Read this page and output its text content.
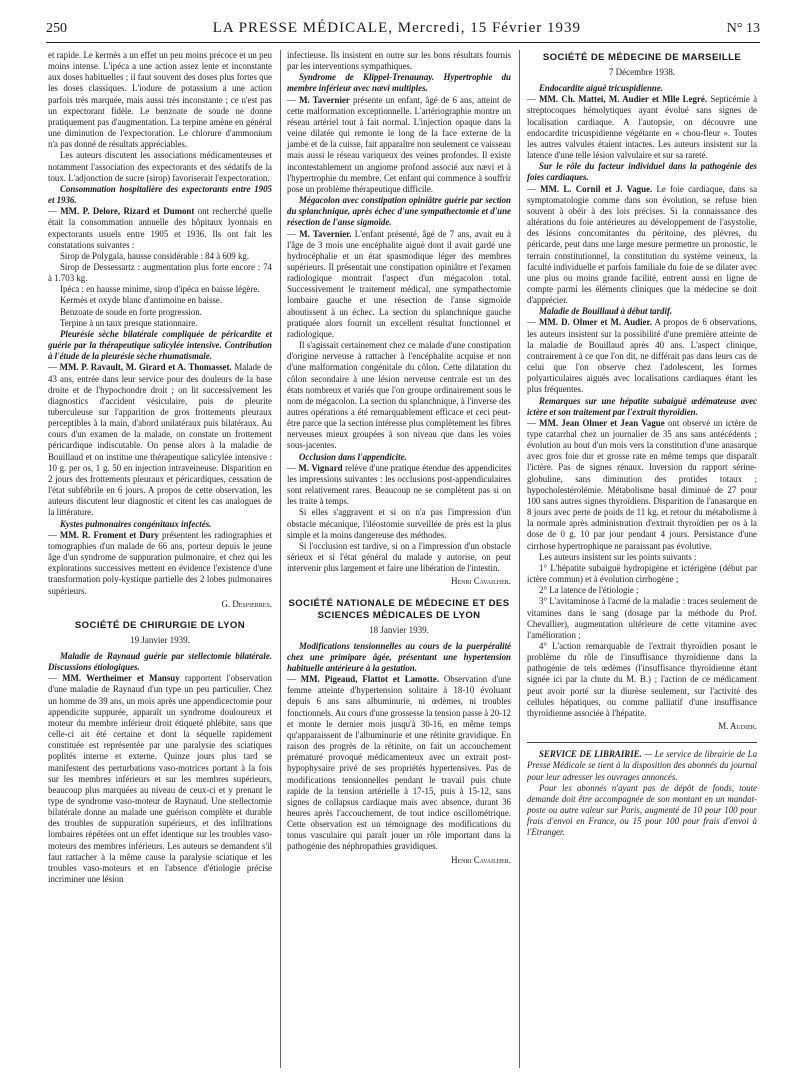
250	LA PRESSE MÉDICALE, Mercredi, 15 Février 1939	N° 13

et rapide. Le kermès a un effet un peu moins précoce et un peu moins intense. L'ipéca a une action assez lente et inconstante aux doses habituelles ; il faut souvent des doses plus fortes que les doses classiques. L'iodure de potassium a une action parfois très marquée, mais aussi très inconstante ; ce n'est pas un expectorant fidèle. Le benzoate de soude ne donne pratiquement pas d'augmentation. La terpine amène en général une diminution de l'expectoration. Le chlorure d'ammonium n'a pas donné de résultats appréciables.

Les auteurs discutent les associations médicamenteuses et notamment l'association des expectorants et des sédatifs de la toux. L'adjonction de sucre (sirop) favoriserait l'expectoration.

Consommation hospitalière des expectorants entre 1905 et 1936.

— MM. P. Delore, Rizard et Dumont ont recherché quelle était la consommation annuelle des hôpitaux lyonnais en expectorants usuels entre 1905 et 1936. Ils ont fait les constatations suivantes :

Sirop de Polygala, hausse considérable : 84 à 609 kg.

Sirop de Dessessartz : augmentation plus forte encore : 74 à 1.703 kg.

Ipéca : en hausse minime, sirop d'ipéca en baisse légère.

Kermès et oxyde blanc d'antimoine en baisse.

Benzoate de soude en forte progression.

Terpine à un taux presque stationnaire.

Pleurésie sèche bilatérale compliquée de péricardite et guérie par la thérapeutique salicylée intensive. Contribution à l'étude de la pleurésie sèche rhumatismale.

— MM. P. Ravault, M. Girard et A. Thomasset. Malade de 43 ans, entrée dans leur service pour des douleurs de la base droite et de l'hypochondre droit ; on lit successivement les diagnostics d'accident vésiculaire, puis de pleurite tuberculeuse sur l'apparition de gros frottements pleuraux perceptibles à la main, d'abord unilatéraux puis bilatéraux. Au cours d'un examen de la malade, on constate un frottement péricardique indiscutable. On pense alors à la maladie de Bouillaud et on institue une thérapeutique salicylée intensive : 10 g. per os, 1 g. 50 en injection intraveineuse. Disparition en 2 jours des frottements pleuraux et péricardiques, cessation de l'état subfébrile en 6 jours. A propos de cette observation, les auteurs discutent leur diagnostic et citent les cas analogues de la littérature.

Kystes pulmonaires congénitaux infectés.

— MM. R. Froment et Dury présentent les radiographies et tomographies d'un malade de 66 ans, porteur depuis le jeune âge d'un syndrome de suppuration pulmonaire, et chez qui les explorations successives mettent en évidence l'existence d'une transformation poly-kystique partielle des 2 lobes pulmonaires supérieurs.

G. Despierres.

SOCIÉTÉ DE CHIRURGIE DE LYON

19 Janvier 1939.

Maladie de Raynaud guérie par stellectomie bilatérale. Discussions étiologiques.

— MM. Wertheimer et Mansuy rapportent l'observation d'une maladie de Raynaud d'un type un peu particulier. Chez un homme de 39 ans, un mois après une appendicectomie pour appendicite suppurée, apparaît un syndrome douloureux et moteur du membre inférieur droit étiqueté phlébite, sans que celle-ci ait été certaine et dont la séquelle rapidement constituée est représentée par une paralysie des sciatiques poplités interne et externe. Quinze jours plus tard se manifestent des perturbations vaso-motrices portant à la fois sur les membres inférieurs et sur les membres supérieurs, beaucoup plus marquées au niveau de ceux-ci et y prenant le type de syndrome vaso-moteur de Raynaud. Une stellectomie bilatérale donne au malade une guérison complète et durable des troubles de suppuration supérieurs, et des infiltrations lombaires répétées ont un effet identique sur les troubles vaso-moteurs des membres inférieurs. Les auteurs se demandent s'il faut rattacher à la même cause la paralysie sciatique et les troubles vaso-moteurs et en l'absence d'étiologie précise incriminer une lésion

infectieuse. Ils insistent en outre sur les bons résultats fournis par les interventions sympathiques.

Syndrome de Klippel-Trenaunay. Hypertrophie du membre inférieur avec nævi multiples.

— M. Tavernier présente un enfant, âgé de 6 ans, atteint de cette malformation exceptionnelle. L'artériographie montre un réseau artériel tout à fait normal. L'injection opaque dans la veine dilatée qui remonte le long de la face externe de la jambe et de la cuisse, fait apparaître non seulement ce vaisseau mais aussi le réseau variqueux des veines profondes. Il existe incontestablement un angiome profond associé aux nævi et à l'hypertrophie du membre. Cet enfant qui commence à souffrir pose un problème thérapeutique difficile.

Mégacolon avec constipation opiniâtre guérie par section du splanchnique, après échec d'une sympathectomie et d'une résection de l'anse sigmoïde.

— M. Tavernier. L'enfant présenté, âgé de 7 ans, avait eu à l'âge de 3 mois une encéphalite aiguë dont il avait gardé une hydrocéphalie et un état spasmodique léger des membres supérieurs. Il présentait une constipation opiniâtre et l'examen radiologique montrait l'aspect d'un mégacolon total. Successivement le traitement médical, une sympathectomie lombaire gauche et une résection de l'anse sigmoïde aboutissent à un échec. La section du splanchnique gauche pratiquée alors fournit un excellent résultat fonctionnel et radiologique.

Il s'agissait certainement chez ce malade d'une constipation d'origine nerveuse à rattacher à l'encéphalite acquise et non d'une malformation congénitale du côlon. Cette dilatation du côlon secondaire à une lésion nerveuse centrale est un des états nombreux et variés que l'on groupe ordinairement sous le nom de mégacolon. La section du splanchnique, à l'inverse des autres opérations a été remarquablement efficace et ceci peut-être parce que la section intéresse plus complètement les fibres nerveuses mieux groupées à son niveau que dans les voies sous-jacentes.

Occlusion dans l'appendicite.

— M. Vignard relève d'une pratique étendue des appendicites les impressions suivantes : les occlusions post-appendiculaires sont relativement rares. Beaucoup ne se complètent pas si on les traite à temps.

Si elles s'aggravent et si on n'a pas l'impression d'un obstacle mécanique, l'iléostomie surveillée de près est la plus simple et la moins dangereuse des méthodes.

Si l'occlusion est tardive, si on a l'impression d'un obstacle sérieux et si l'état général du malade y autorise, on peut intervenir plus largement et faire une libération de l'intestin.

Henri Cavailher.

SOCIÉTÉ NATIONALE DE MÉDECINE ET DES SCIENCES MÉDICALES DE LYON

18 Janvier 1939.

Modifications tensionnelles au cours de la puerpéralité chez une primipare âgée, présentant une hypertension habituelle antérieure à la gestation.

— MM. Pigeaud, Flattot et Lamotte. Observation d'une femme atteinte d'hypertension solitaire à 18-10 évoluant depuis 6 ans sans albuminurie, ni œdèmes, ni troubles fonctionnels. Au cours d'une grossesse la tension passe à 20-12 et monte le dernier mois jusqu'à 30-16, en même temps qu'apparaissent de l'albuminurie et une rétinite gravidique. En raison des progrès de la rétinite, on fait un accouchement prématuré provoqué médicamenteux avec un extrait post-hypophysaire privé de ses propriétés hypertensives. Pas de modifications tensionnelles pendant le travail puis chute rapide de la tension artérielle à 17-15, puis à 15-12, sans signes de collapsus cardiaque mais avec absence, durant 36 heures après l'accouchement, de tout indice oscillométrique. Cette observation est un témoignage des modifications du tonus vasculaire qui paraît jouer un rôle important dans la pathogénie des néphropathies gravidiques.

Henri Cavailher.

SOCIÉTÉ DE MÉDECINE DE MARSEILLE

7 Décembre 1938.

Endocardite aiguë tricuspidienne.

— MM. Ch. Mattei, M. Audier et Mlle Legré. Septicémie à streptocoques hémolytiques ayant évolué sans signes de localisation cardiaque. A l'autopsie, on découvre une endocardite tricuspidienne végétante en « chou-fleur ». Toutes les autres valvules étaient intactes. Les auteurs insistent sur la latence d'une telle lésion valvulaire et sur sa rareté.

Sur le rôle du facteur individuel dans la pathogénie des foies cardiaques.

— MM. L. Cornil et J. Vague. Le foie cardiaque, dans sa symptomatologie comme dans son évolution, se refuse bien souvent à obéir à des lois précises. Si la connaissance des altérations du foie antérieures au développement de l'asystolie, des lésions concomitantes du péritoine, des plèvres, du péricarde, peut dans une large mesure permettre un pronostic, le terrain constitutionnel, la constitution du système veineux, la faculté individuelle et parfois familiale du foie de se dilater avec une plus ou moins grande facilité, entrent aussi en ligne de compte parmi les éléments cliniques que la médecine se doit d'apprécier.

Maladie de Bouillaud à début tardif.

— MM. D. Olmer et M. Audier. A propos de 6 observations, les auteurs insistent sur la possibilité d'une première atteinte de la maladie de Bouillaud après 40 ans. L'aspect clinique, contrairement à ce que l'on dit, ne différait pas dans leurs cas de celui que l'on observe chez l'adolescent, les formes polyarticulaires aiguës avec localisations cardiaques étant les plus fréquentes.

Remarques sur une hépatite subaiguë œdémateuse avec ictère et son traitement par l'extrait thyroïdien.

— MM. Jean Olmer et Jean Vague ont observé un ictère de type catarrhal chez un journalier de 35 ans sans antécédents ; évolution au bout d'un mois vers la constitution d'une anasarque avec gros foie dur et grosse rate en même temps que disparaît l'ictère. Pas de signes rénaux. Inversion du rapport sérine-globuline, sans diminution des protides totaux ; hypocholestérolémie. Métabolisme basal diminué de 27 pour 100 sans autres signes thyroïdiens. Disparition de l'anasarque en 8 jours avec perte de poids de 11 kg. et retour du métabolisme à la normale après administration d'extrait thyroïdien per os à la dose de 0 g. 10 par jour pendant 4 jours. Persistance d'une cirrhose hypertrophique ne paraissant pas évolutive.

Les auteurs insistent sur les points suivants :

1° L'hépatite subaiguë hydropigène et ictérigène (début par ictère commun) et à évolution cirrhogène ;

2° La latence de l'étiologie ;

3° L'avitaminose à l'acmé de la maladie : traces seulement de vitamines dans le sang (dosage par la méthode du Prof. Chevallier), augmentation ultérieure de cette vitamine avec l'amélioration ;

4° L'action remarquable de l'extrait thyroïdien posant le problème du rôle de l'insuffisance thyroïdienne dans la pathogénie de tels œdèmes (l'insuffisance thyroïdienne étant signée ici par la chute du M. B.) ; l'action de ce médicament peut avoir porté sur la diurèse seulement, sur l'activité des cellules hépatiques, ou comme palliatif d'une insuffisance thyroïdienne associée à l'hépatite.

M. Audier.

SERVICE DE LIBRAIRIE. — Le service de librairie de La Presse Médicale se tient à la disposition des abonnés du journal pour leur adresser les ouvrages annoncés.

Pour les abonnés n'ayant pas de dépôt de fonds, toute demande doit être accompagnée de son montant en un mandat-poste ou autre valeur sur Paris, augmenté de 10 pour 100 pour frais d'envoi en France, ou 15 pour 100 pour frais d'envoi à l'Etranger.
